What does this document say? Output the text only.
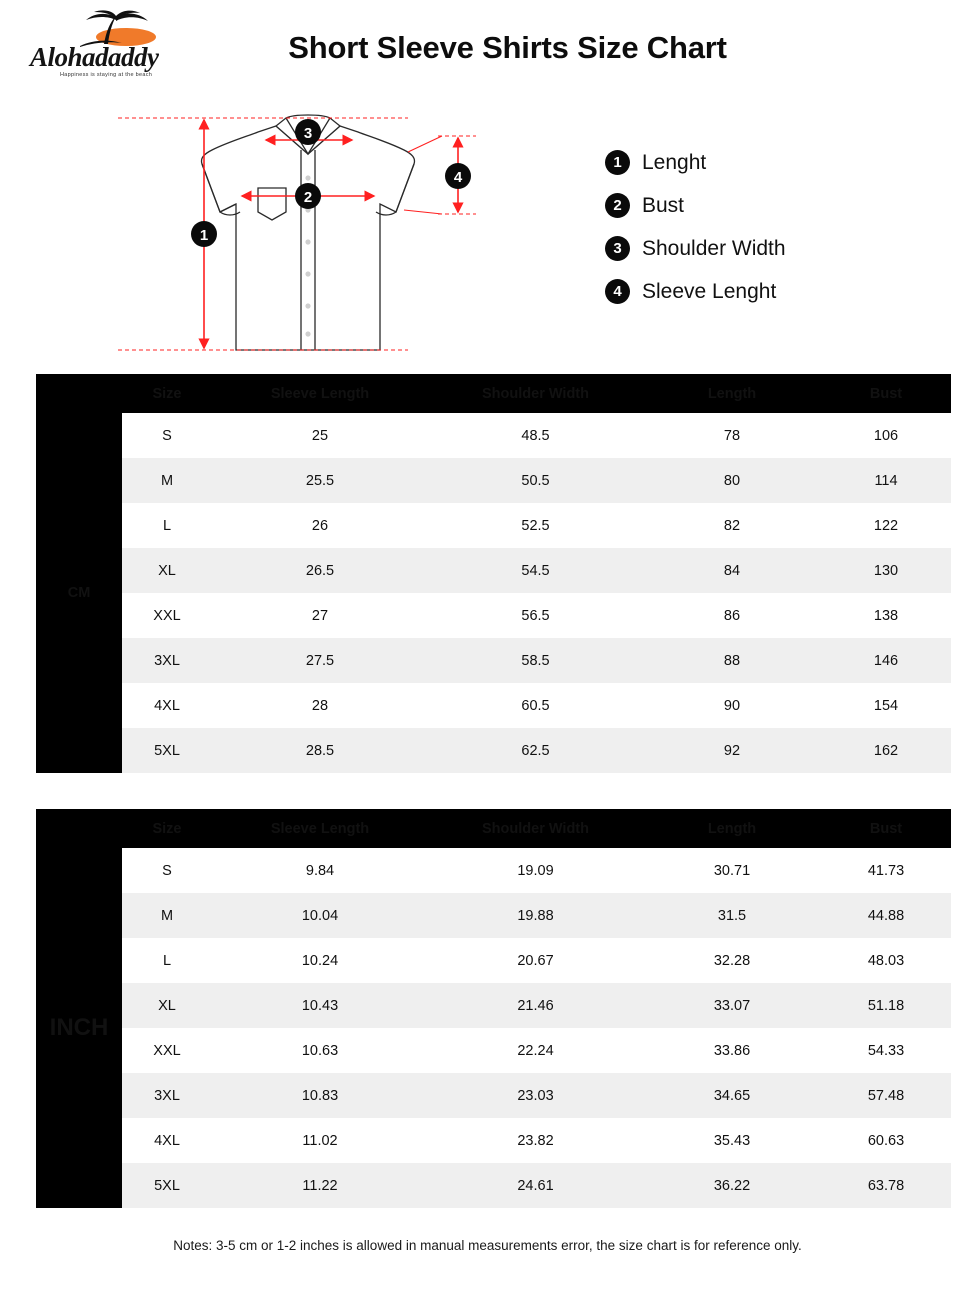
Alohadaddy
Happiness is staying at the beach
Short Sleeve Shirts Size Chart
1
2
3
4
1 Lenght
2 Bust
3 Shoulder Width
4 Sleeve Lenght
	Size	Sleeve Length	Shoulder Width	Length	Bust
CM	S	25	48.5	78	106
	M	25.5	50.5	80	114
	L	26	52.5	82	122
	XL	26.5	54.5	84	130
	XXL	27	56.5	86	138
	3XL	27.5	58.5	88	146
	4XL	28	60.5	90	154
	5XL	28.5	62.5	92	162
	Size	Sleeve Length	Shoulder Width	Length	Bust
INCH	S	9.84	19.09	30.71	41.73
	M	10.04	19.88	31.5	44.88
	L	10.24	20.67	32.28	48.03
	XL	10.43	21.46	33.07	51.18
	XXL	10.63	22.24	33.86	54.33
	3XL	10.83	23.03	34.65	57.48
	4XL	11.02	23.82	35.43	60.63
	5XL	11.22	24.61	36.22	63.78
Notes: 3-5 cm or 1-2 inches is allowed in manual measurements error, the size chart is for reference only.
